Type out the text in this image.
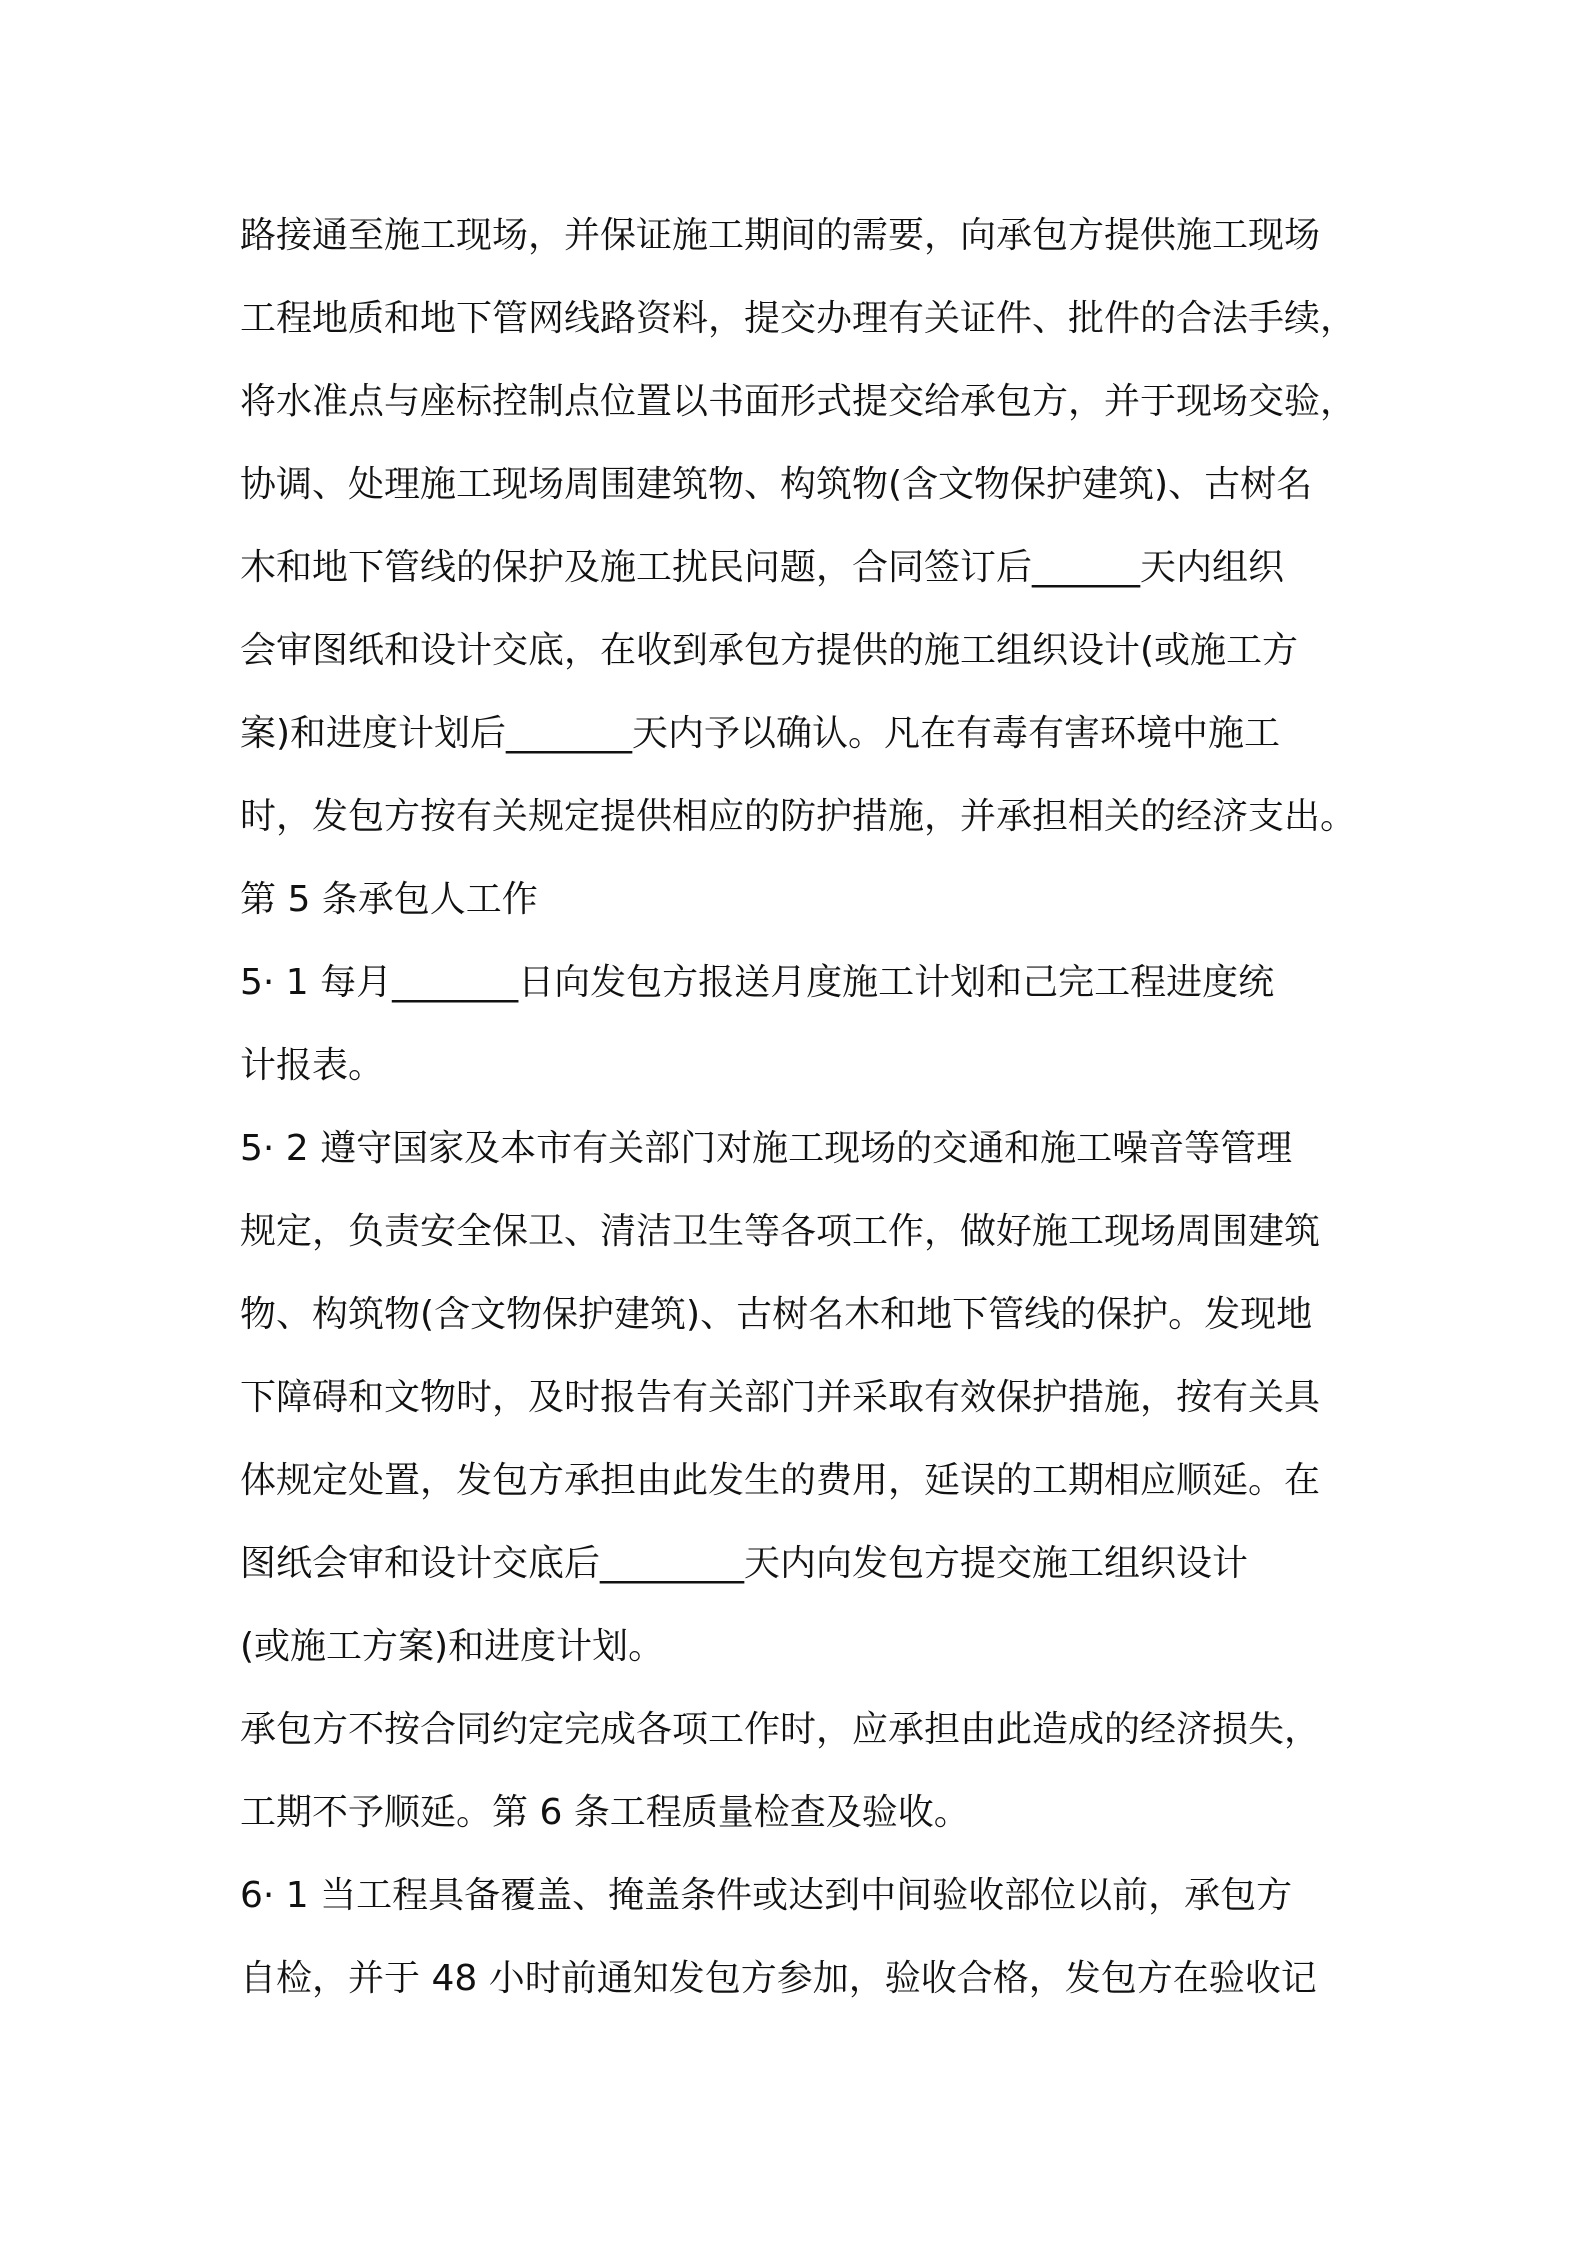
路接通至施工现场，并保证施工期间的需要，向承包方提供施工现场
工程地质和地下管网线路资料，提交办理有关证件、批件的合法手续，
将水准点与座标控制点位置以书面形式提交给承包方，并于现场交验，
协调、处理施工现场周围建筑物、构筑物(含文物保护建筑)、古树名
木和地下管线的保护及施工扰民问题，合同签订后______天内组织
会审图纸和设计交底，在收到承包方提供的施工组织设计(或施工方
案)和进度计划后_______天内予以确认。凡在有毒有害环境中施工
时，发包方按有关规定提供相应的防护措施，并承担相关的经济支出。
第 5 条承包人工作
5· 1 每月_______日向发包方报送月度施工计划和己完工程进度统
计报表。
5· 2 遵守国家及本市有关部门对施工现场的交通和施工噪音等管理
规定，负责安全保卫、清洁卫生等各项工作，做好施工现场周围建筑
物、构筑物(含文物保护建筑)、古树名木和地下管线的保护。发现地
下障碍和文物时，及时报告有关部门并采取有效保护措施，按有关具
体规定处置，发包方承担由此发生的费用，延误的工期相应顺延。在
图纸会审和设计交底后________天内向发包方提交施工组织设计
(或施工方案)和进度计划。
承包方不按合同约定完成各项工作时，应承担由此造成的经济损失，
工期不予顺延。第 6 条工程质量检查及验收。
6· 1 当工程具备覆盖、掩盖条件或达到中间验收部位以前，承包方
自检，并于 48 小时前通知发包方参加，验收合格，发包方在验收记
